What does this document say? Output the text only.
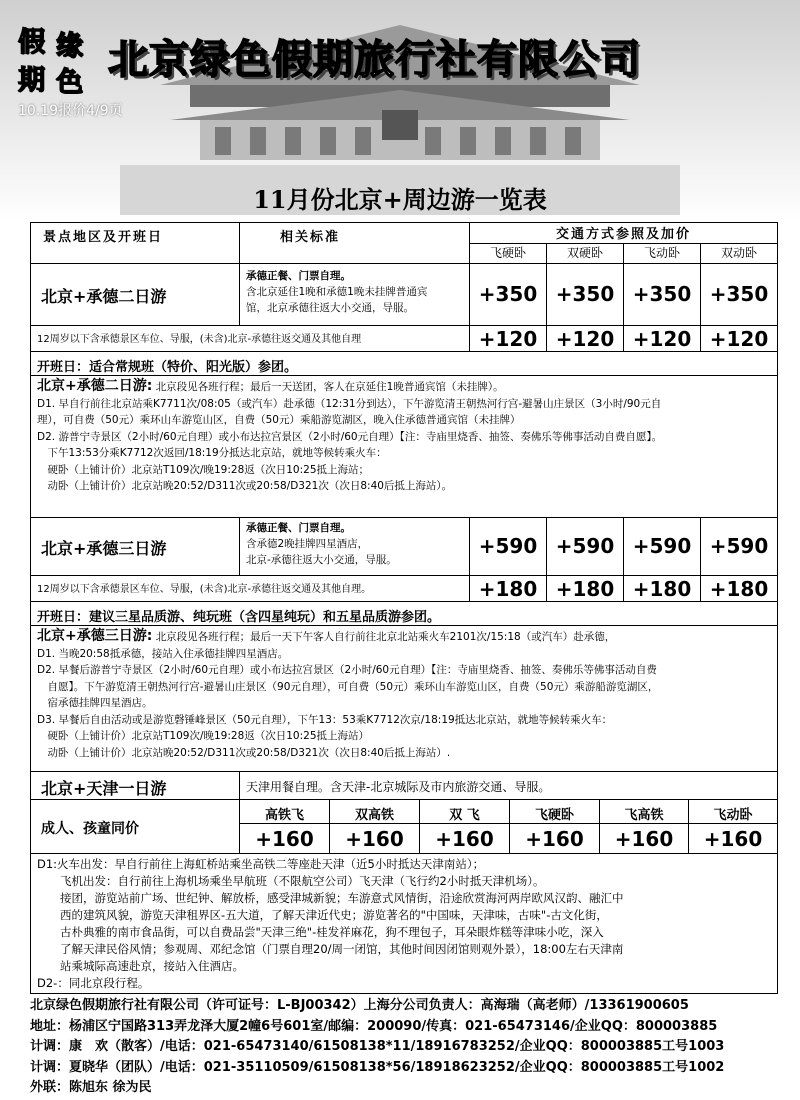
假 缘
期 色 北京绿色假期旅行社有限公司
10.19报价4/9页
11月份北京+周边游一览表
景点地区及开班日	相关标准	交通方式参照及加价
飞硬卧	双硬卧	飞动卧	双动卧
北京+承德二日游
承德正餐、门票自理。
含北京延住1晚和承德1晚未挂牌普通宾
馆，北京承德往返大小交通，导服。
+350 +350 +350 +350
12周岁以下含承德景区车位、导服，(未含)北京-承德往返交通及其他自理	+120 +120 +120 +120
开班日：适合常规班（特价、阳光版）参团。
北京+承德二日游: 北京段见各班行程；最后一天送团，客人在京延住1晚普通宾馆（未挂牌）。
D1. 早自行前往北京站乘K7711次/08:05（或汽车）赴承德（12:31分到达），下午游览清王朝热河行宫-避暑山庄景区（3小时/90元自
理），可自费（50元）乘环山车游览山区，自费（50元）乘船游览湖区，晚入住承德普通宾馆（未挂牌）
D2. 游普宁寺景区（2小时/60元自理）或小布达拉宫景区（2小时/60元自理）【注：寺庙里烧香、抽签、奏佛乐等佛事活动自费自愿】。
　下午13:53分乘K7712次返回/18:19分抵达北京站，就地等候转乘火车：
　硬卧（上铺计价）北京站T109次/晚19:28返（次日10:25抵上海站；
　动卧（上铺计价）北京站晚20:52/D311次或20:58/D321次（次日8:40后抵上海站）。
北京+承德三日游
承德正餐、门票自理。
含承德2晚挂牌四星酒店，
北京-承德往返大小交通，导服。
+590 +590 +590 +590
12周岁以下含承德景区车位、导服，(未含)北京-承德往返交通及其他自理。	+180 +180 +180 +180
开班日：建议三星品质游、纯玩班（含四星纯玩）和五星品质游参团。
北京+承德三日游: 北京段见各班行程；最后一天下午客人自行前往北京北站乘火车2101次/15:18（或汽车）赴承德，
D1. 当晚20:58抵承德，接站入住承德挂牌四星酒店。
D2. 早餐后游普宁寺景区（2小时/60元自理）或小布达拉宫景区（2小时/60元自理）【注：寺庙里烧香、抽签、奏佛乐等佛事活动自费
　自愿】。下午游览清王朝热河行宫-避暑山庄景区（90元自理），可自费（50元）乘环山车游览山区，自费（50元）乘游船游览湖区，
　宿承德挂牌四星酒店。
D3. 早餐后自由活动或是游览磬锤峰景区（50元自理），下午13：53乘K7712次京/18:19抵达北京站，就地等候转乘火车：
　硬卧（上铺计价）北京站T109次/晚19:28返（次日10:25抵上海站）
　动卧（上铺计价）北京站晚20:52/D311次或20:58/D321次（次日8:40后抵上海站）.
北京+天津一日游	天津用餐自理。含天津-北京城际及市内旅游交通、导服。
成人、孩童同价
高铁飞	双高铁	双 飞	飞硬卧	飞高铁	飞动卧
+160	+160	+160	+160	+160	+160
D1:火车出发：早自行前往上海虹桥站乘坐高铁二等座赴天津（近5小时抵达天津南站）；
　　飞机出发：自行前往上海机场乘坐早航班（不限航空公司）飞天津（飞行约2小时抵天津机场）。
　　接团，游览站前广场、世纪钟、解放桥，感受津城新貌；车游意式风情街，沿途欣赏海河两岸欧风汉韵、融汇中
　　西的建筑风貌，游览天津租界区-五大道，了解天津近代史；游览著名的"中国味，天津味，古味"-古文化街，
　　古朴典雅的南市食品街，可以自费品尝"天津三绝"-桂发祥麻花，狗不理包子，耳朵眼炸糕等津味小吃，深入
　　了解天津民俗风情；参观周、邓纪念馆（门票自理20/周一闭馆，其他时间因闭馆则观外景），18:00左右天津南
　　站乘城际高速赴京，接站入住酒店。
D2-：同北京段行程。
北京绿色假期旅行社有限公司（许可证号：L-BJ00342）上海分公司负责人：高海瑞（高老师）/13361900605
地址：杨浦区宁国路313弄龙泽大厦2幢6号601室/邮编：200090/传真：021-65473146/企业QQ：800003885
计调：康　欢（散客）/电话：021-65473140/61508138*11/18916783252/企业QQ：800003885工号1003
计调：夏晓华（团队）/电话：021-35110509/61508138*56/18918623252/企业QQ：800003885工号1002
外联：陈旭东 徐为民
